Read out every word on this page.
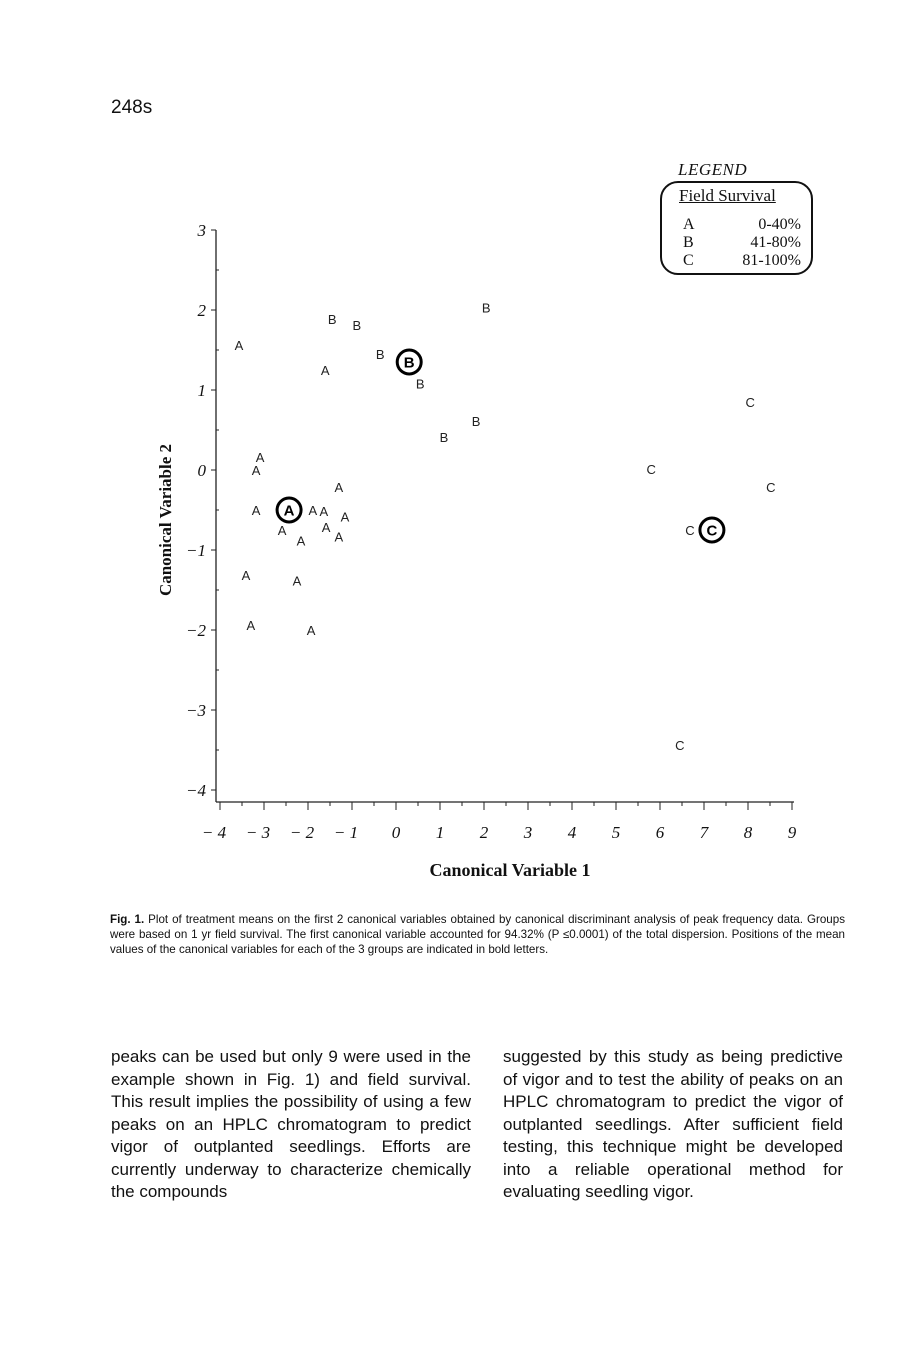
248s
−4
−3
−2
−1
0
1
2
3
− 4 − 3 − 2 − 1 0 1 2 3 4 5 6 7 8 9
A
A
A
A
A
A	A A A
A
A
A
A
A	A
A	A
A
B B
B
B
B
B
B
B
C
C
C
C
C
C
LEGEND
Field Survival
A	0-40%
B	41-80%
C	81-100%
Canonical Variable 2
Canonical Variable 1
Fig. 1. Plot of treatment means on the first 2 canonical variables obtained by canonical discriminant analysis of peak frequency data. Groups were based on 1 yr field survival. The first canonical variable accounted for 94.32% (P ≤0.0001) of the total dispersion. Positions of the mean values of the canonical variables for each of the 3 groups are indicated in bold letters.
peaks can be used but only 9 were used in the example shown in Fig. 1) and field survival. This result implies the possibility of using a few peaks on an HPLC chromatogram to predict vigor of outplanted seedlings. Efforts are currently underway to characterize chemically the compounds
suggested by this study as being predictive of vigor and to test the ability of peaks on an HPLC chromatogram to predict the vigor of outplanted seedlings. After sufficient field testing, this technique might be developed into a reliable operational method for evaluating seedling vigor.
